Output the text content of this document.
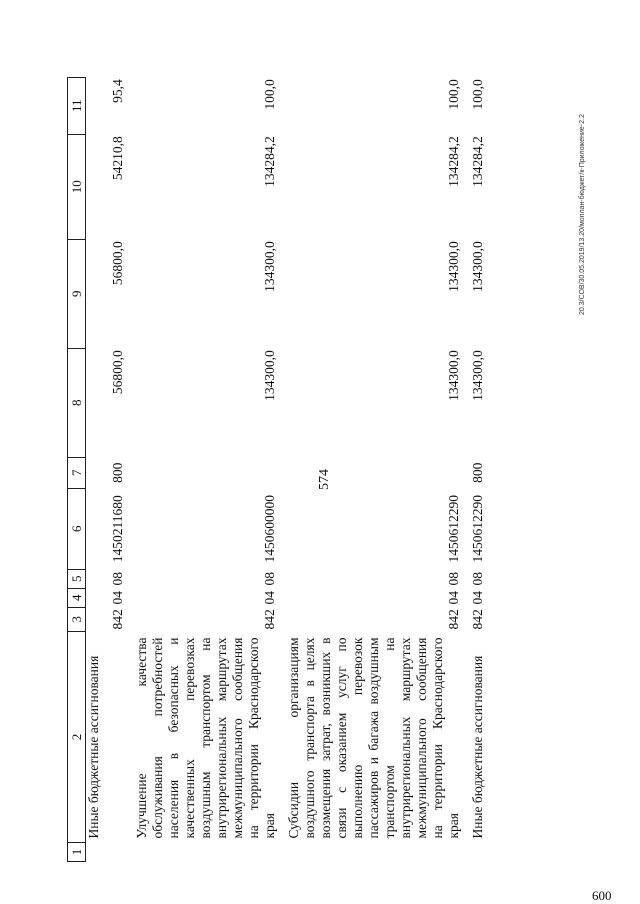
1	2	3	4	5	6	7	8	9	10	11
	Иные бюджетные ассигнования									
		842	04	08	1450211680	800	56800,0	56800,0	54210,8	95,4
	Улучшение качества обслуживания потребностей населения в безопасных и качественных перевозках воздушным транспортом на внутрирегиональных маршрутах межмуниципального сообщения на территории Краснодарского края	842	04	08	1450600000		134300,0	134300,0	134284,2	100,0
	Субсидии организациям воздушного транспорта в целях возмещения затрат, возникших в связи с оказанием услуг по выполнению перевозок пассажиров и багажа воздушным транспортом на внутрирегиональных маршрутах межмуниципального сообщения на территории Краснодарского края	842	04	08	1450612290		134300,0	134300,0	134284,2	100,0
	Иные бюджетные ассигнования	842	04	08	1450612290	800	134300,0	134300,0	134284,2	100,0
574
20.3/СОВ/30.05.2019/13.20/моплан-бюджет/к-Приложение-2.2
600
